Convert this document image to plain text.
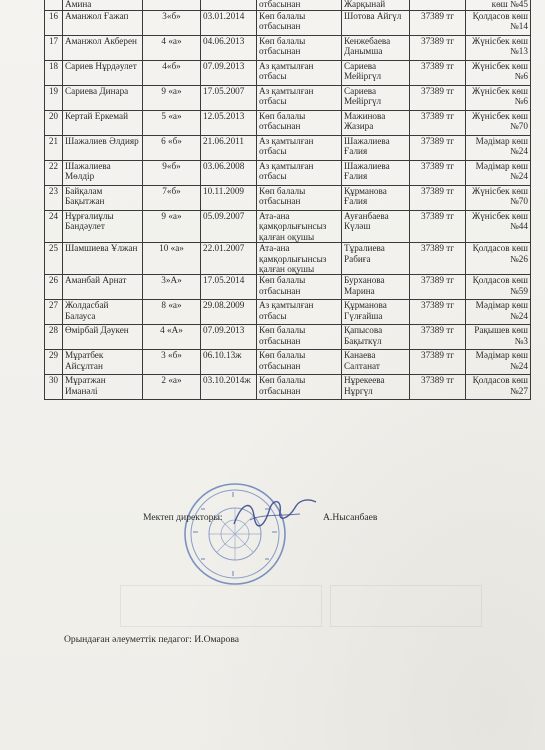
	Амина			отбасынан	Жарқынай		көш №45
16	Аманжол Ғажап	3«б»	03.01.2014	Көп балалы отбасынан	Шотова Айгүл	37389 тг	Қолдасов көш №14
17	Аманжол Акберен	4 «а»	04.06.2013	Көп балалы отбасынан	Кенжебаева Данымша	37389 тг	Жүнісбек көш №13
18	Сариев Нұрдәулет	4«б»	07.09.2013	Аз қамтылған отбасы	Сариева Мейіргүл	37389 тг	Жүнісбек көш №6
19	Сариева Динара	9 «а»	17.05.2007	Аз қамтылған отбасы	Сариева Мейіргүл	37389 тг	Жүнісбек көш №6
20	Кертай Еркемай	5 «а»	12.05.2013	Көп балалы отбасынан	Мажинова Жазира	37389 тг	Жүнісбек көш №70
21	Шажалиев Әлдияр	6 «б»	21.06.2011	Аз қамтылған отбасы	Шажалиева Ғалия	37389 тг	Мәдімар көш №24
22	Шажалиева Мөлдір	9«б»	03.06.2008	Аз қамтылған отбасы	Шажалиева Ғалия	37389 тг	Мәдімар көш №24
23	Байқалам Бақытжан	7«б»	10.11.2009	Көп балалы отбасынан	Құрманова Ғалия	37389 тг	Жүнісбек көш №70
24	Нұрғалиұлы Бандәулет	9 «а»	05.09.2007	Ата-ана қамқорлығынсыз қалған оқушы	Ауғанбаева Күләш	37389 тг	Жүнісбек көш №44
25	Шамшиева Ұлжан	10 «а»	22.01.2007	Ата-ана қамқорлығынсыз қалған оқушы	Тұралиева Рабиға	37389 тг	Қолдасов көш №26
26	Аманбай Арнат	3»А»	17.05.2014	Көп балалы отбасынан	Бурханова Марина	37389 тг	Қолдасов көш №59
27	Жолдасбай Балауса	8 «а»	29.08.2009	Аз қамтылған отбасы	Құрманова Гүлғайша	37389 тг	Мәдімар көш №24
28	Өмірбай Дәукен	4 «А»	07.09.2013	Көп балалы отбасынан	Қапысова Бақыткүл	37389 тг	Рақышев көш №3
29	Мұратбек Айсұлтан	3 «б»	06.10.13ж	Көп балалы отбасынан	Канаева Салтанат	37389 тг	Мәдімар көш №24
30	Мұратжан Иманәлі	2 «а»	03.10.2014ж	Көп балалы отбасынан	Нұрекеева Нұргүл	37389 тг	Қолдасов көш №27
Мектеп директоры:	А.Нысанбаев
Орындаған әлеуметтік педагог: И.Омарова
